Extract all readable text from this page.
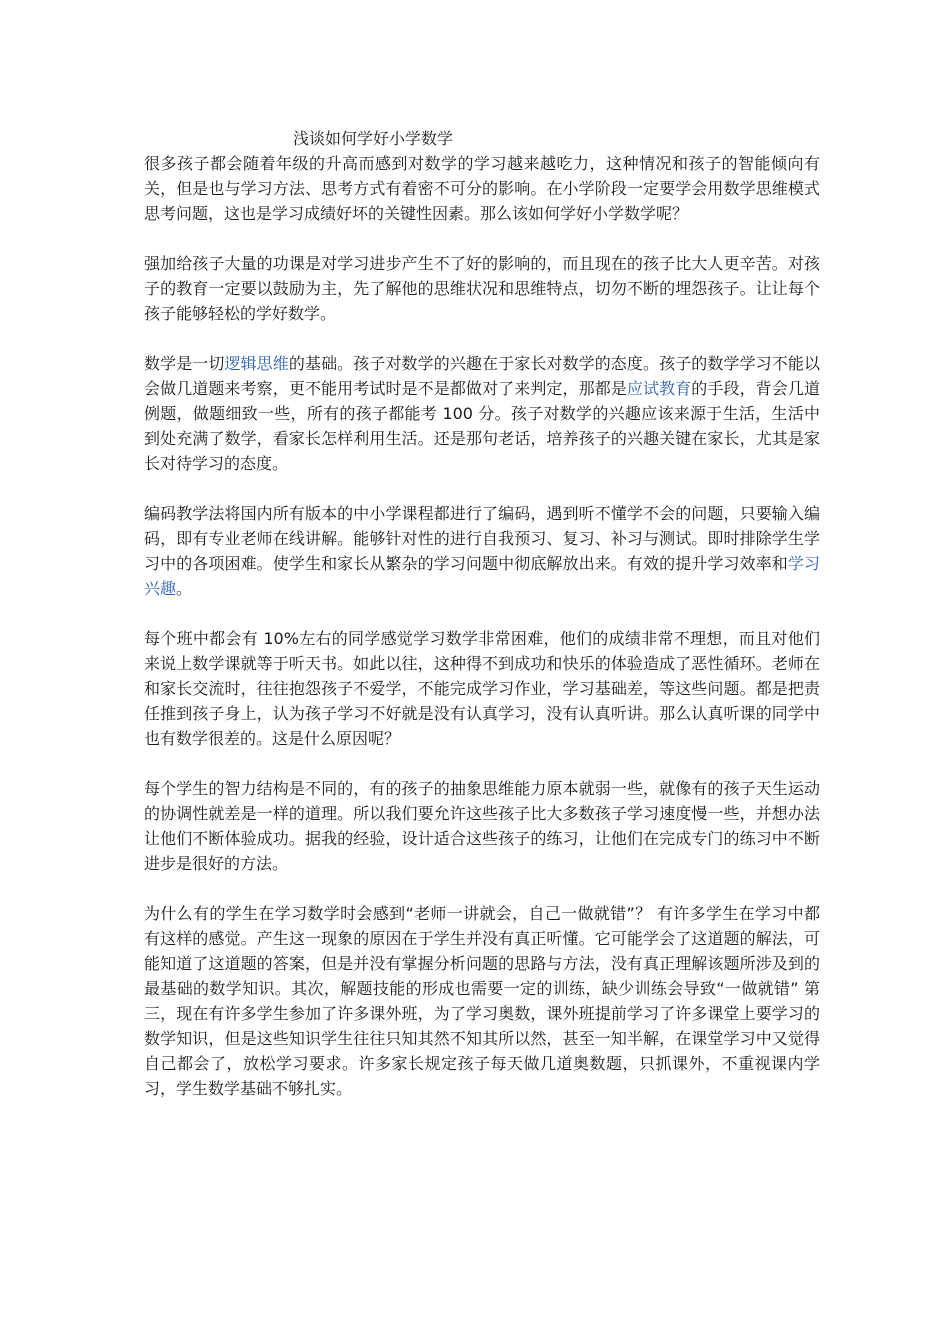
浅谈如何学好小学数学

很多孩子都会随着年级的升高而感到对数学的学习越来越吃力，这种情况和孩子的智能倾向有关，但是也与学习方法、思考方式有着密不可分的影响。在小学阶段一定要学会用数学思维模式思考问题，这也是学习成绩好坏的关键性因素。那么该如何学好小学数学呢？

强加给孩子大量的功课是对学习进步产生不了好的影响的，而且现在的孩子比大人更辛苦。对孩子的教育一定要以鼓励为主，先了解他的思维状况和思维特点，切勿不断的埋怨孩子。让让每个孩子能够轻松的学好数学。

数学是一切逻辑思维的基础。孩子对数学的兴趣在于家长对数学的态度。孩子的数学学习不能以会做几道题来考察，更不能用考试时是不是都做对了来判定，那都是应试教育的手段，背会几道例题，做题细致一些，所有的孩子都能考 100 分。孩子对数学的兴趣应该来源于生活，生活中到处充满了数学，看家长怎样利用生活。还是那句老话，培养孩子的兴趣关键在家长，尤其是家长对待学习的态度。

编码教学法将国内所有版本的中小学课程都进行了编码，遇到听不懂学不会的问题，只要输入编码，即有专业老师在线讲解。能够针对性的进行自我预习、复习、补习与测试。即时排除学生学习中的各项困难。使学生和家长从繁杂的学习问题中彻底解放出来。有效的提升学习效率和学习兴趣。

每个班中都会有 10%左右的同学感觉学习数学非常困难，他们的成绩非常不理想，而且对他们来说上数学课就等于听天书。如此以往，这种得不到成功和快乐的体验造成了恶性循环。老师在和家长交流时，往往抱怨孩子不爱学，不能完成学习作业，学习基础差，等这些问题。都是把责任推到孩子身上，认为孩子学习不好就是没有认真学习，没有认真听讲。那么认真听课的同学中也有数学很差的。这是什么原因呢？

每个学生的智力结构是不同的，有的孩子的抽象思维能力原本就弱一些，就像有的孩子天生运动的协调性就差是一样的道理。所以我们要允许这些孩子比大多数孩子学习速度慢一些，并想办法让他们不断体验成功。据我的经验，设计适合这些孩子的练习，让他们在完成专门的练习中不断进步是很好的方法。

为什么有的学生在学习数学时会感到“老师一讲就会，自己一做就错”？ 有许多学生在学习中都有这样的感觉。产生这一现象的原因在于学生并没有真正听懂。它可能学会了这道题的解法，可能知道了这道题的答案，但是并没有掌握分析问题的思路与方法，没有真正理解该题所涉及到的最基础的数学知识。其次，解题技能的形成也需要一定的训练，缺少训练会导致“一做就错” 第三，现在有许多学生参加了许多课外班，为了学习奥数，课外班提前学习了许多课堂上要学习的数学知识，但是这些知识学生往往只知其然不知其所以然，甚至一知半解，在课堂学习中又觉得自己都会了，放松学习要求。许多家长规定孩子每天做几道奥数题，只抓课外，不重视课内学习，学生数学基础不够扎实。
